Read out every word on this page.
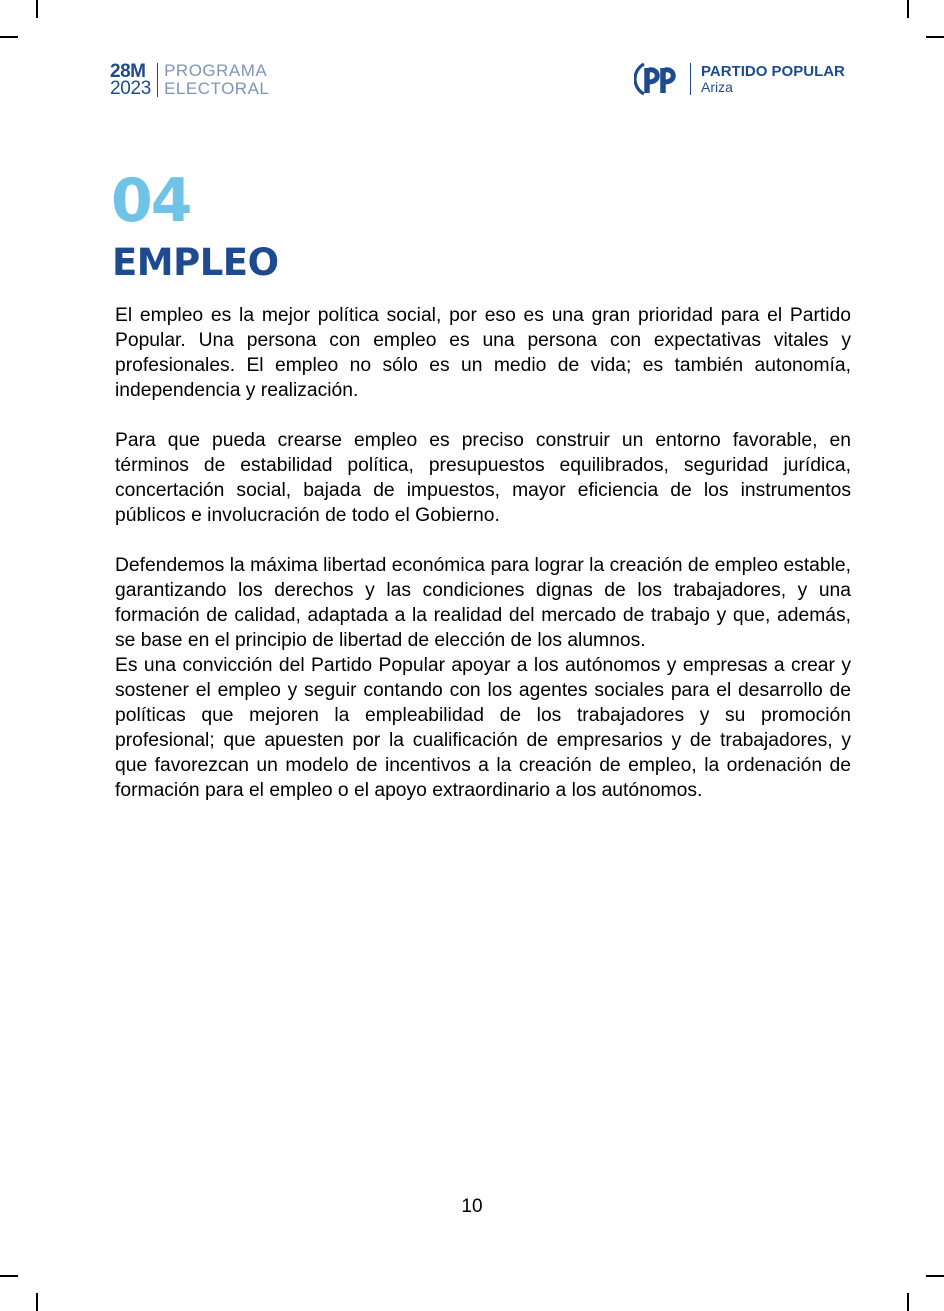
28M
2023
PROGRAMA
ELECTORAL
PARTIDO POPULAR
Ariza
04
EMPLEO

El empleo es la mejor política social, por eso es una gran prioridad para el Partido Popular. Una persona con empleo es una persona con expectativas vitales y profesionales. El empleo no sólo es un medio de vida; es también autonomía, independencia y realización.

Para que pueda crearse empleo es preciso construir un entorno favorable, en términos de estabilidad política, presupuestos equilibrados, seguridad jurídica, concertación social, bajada de impuestos, mayor eficiencia de los instrumentos públicos e involucración de todo el Gobierno.

Defendemos la máxima libertad económica para lograr la creación de empleo estable, garantizando los derechos y las condiciones dignas de los trabajadores, y una formación de calidad, adaptada a la realidad del mercado de trabajo y que, además, se base en el principio de libertad de elección de los alumnos.

Es una convicción del Partido Popular apoyar a los autónomos y empresas a crear y sostener el empleo y seguir contando con los agentes sociales para el desarrollo de políticas que mejoren la empleabilidad de los trabajadores y su promoción profesional; que apuesten por la cualificación de empresarios y de trabajadores, y que favorezcan un modelo de incentivos a la creación de empleo, la ordenación de formación para el empleo o el apoyo extraordinario a los autónomos.

10
